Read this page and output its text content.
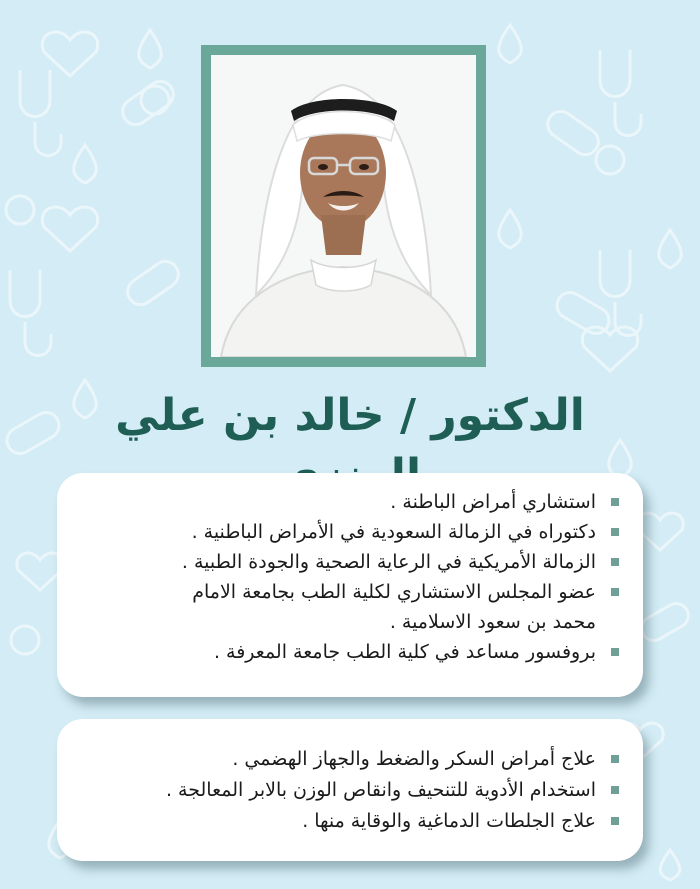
الدكتور / خالد بن علي
استشاري أمراض الباطنة .
دكتوراه في الزمالة السعودية في الأمراض الباطنية .
الزمالة الأمريكية في الرعاية الصحية والجودة الطبية .
عضو المجلس الاستشاري لكلية الطب بجامعة الامام
محمد بن سعود الاسلامية .
بروفسور مساعد في كلية الطب جامعة المعرفة .
علاج أمراض السكر والضغط والجهاز الهضمي .
استخدام الأدوية للتنحيف وانقاص الوزن بالابر المعالجة .
علاج الجلطات الدماغية والوقاية منها .
